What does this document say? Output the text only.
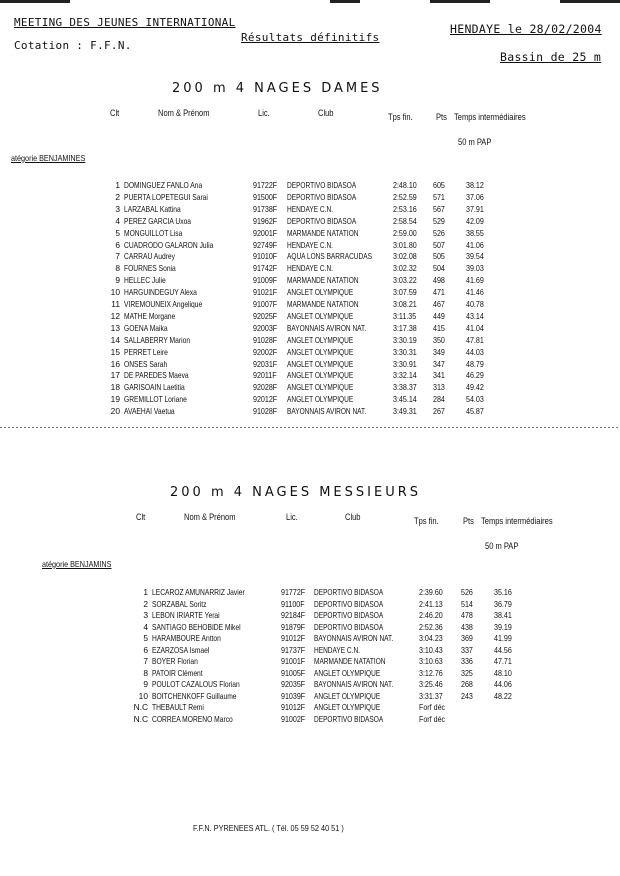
MEETING DES JEUNES INTERNATIONAL	HENDAYE le 28/02/2004
Résultats définitifs
Cotation : F.F.N.
Bassin de 25 m
200 m 4 NAGES DAMES
Clt	Nom & Prénom	Lic.	Club	Tps fin.	Pts Temps intermédiaires
50 m PAP
atégorie BENJAMINES
1 DOMINGUEZ FANLO Ana	91722F DEPORTIVO BIDASOA	2:48.10 605	38.12
2 PUERTA LOPETEGUI Sarai	91500F DEPORTIVO BIDASOA	2:52.59 571	37.06
3 LARZABAL Kattina	91738F HENDAYE C.N.	2:53.16 567	37.91
4 PEREZ GARCIA Uxoa	91962F DEPORTIVO BIDASOA	2:58.54 529	42.09
5 MONGUILLOT Lisa	92001F MARMANDE NATATION	2:59.00 526	38.55
6 CUADRODO GALARON Julia	92749F HENDAYE C.N.	3:01.80 507	41.06
7 CARRAU Audrey	91010F AQUA LONS BARRACUDAS	3:02.08 505	39.54
8 FOURNES Sonia	91742F HENDAYE C.N.	3:02.32 504	39.03
9 HELLEC Julie	91009F MARMANDE NATATION	3:03.22 498	41.69
10 HARGUINDEGUY Alexa	91021F ANGLET OLYMPIQUE	3:07.59 471	41.46
11 VIREMOUNEIX Angelique	91007F MARMANDE NATATION	3:08.21 467	40.78
12 MATHE Morgane	92025F ANGLET OLYMPIQUE	3:11.35 449	43.14
13 GOENA Maika	92003F BAYONNAIS AVIRON NAT.	3:17.38 415	41.04
14 SALLABERRY Marion	91028F ANGLET OLYMPIQUE	3:30.19 350	47.81
15 PERRET Leire	92002F ANGLET OLYMPIQUE	3:30.31 349	44.03
16 ONSES Sarah	92031F ANGLET OLYMPIQUE	3:30.91 347	48.79
17 DE PAREDES Maeva	92011F ANGLET OLYMPIQUE	3:32.14 341	46.29
18 GARISOAIN Laetitia	92028F ANGLET OLYMPIQUE	3:38.37 313	49.42
19 GREMILLOT Loriane	92012F ANGLET OLYMPIQUE	3:45.14 284	54.03
20 AVAEHAI Vaetua	91028F BAYONNAIS AVIRON NAT.	3:49.31 267	45.87
200 m 4 NAGES MESSIEURS
Clt	Nom & Prénom	Lic.	Club	Tps fin.	Pts Temps intermédiaires
50 m PAP
atégorie BENJAMINS
1 LECAROZ AMUNARRIZ Javier	91772F DEPORTIVO BIDASOA	2:39.60 526	35.16
2 SORZABAL Soritz	91100F DEPORTIVO BIDASOA	2:41.13 514	36.79
3 LEBON IRIARTE Yerai	92184F DEPORTIVO BIDASOA	2:46.20 478	38.41
4 SANTIAGO BEHOBIDE Mikel	91879F DEPORTIVO BIDASOA	2:52.36 438	39.19
5 HARAMBOURE Antton	91012F BAYONNAIS AVIRON NAT.	3:04.23 369	41.99
6 EZARZOSA Ismael	91737F HENDAYE C.N.	3:10.43 337	44.56
7 BOYER Florian	91001F MARMANDE NATATION	3:10.63 336	47.71
8 PATOIR Clément	91005F ANGLET OLYMPIQUE	3:12.76 325	48.10
9 POULOT CAZALOUS Florian	92035F BAYONNAIS AVIRON NAT.	3:25.46 268	44.06
10 BOITCHENKOFF Guillaume	91039F ANGLET OLYMPIQUE	3:31.37 243	48.22
N.C THEBAULT Remi	91012F ANGLET OLYMPIQUE	Forf déc
N.C CORREA MORENO Marco	91002F DEPORTIVO BIDASOA	Forf déc
F.F.N. PYRENEES ATL. ( Tél. 05 59 52 40 51 )
